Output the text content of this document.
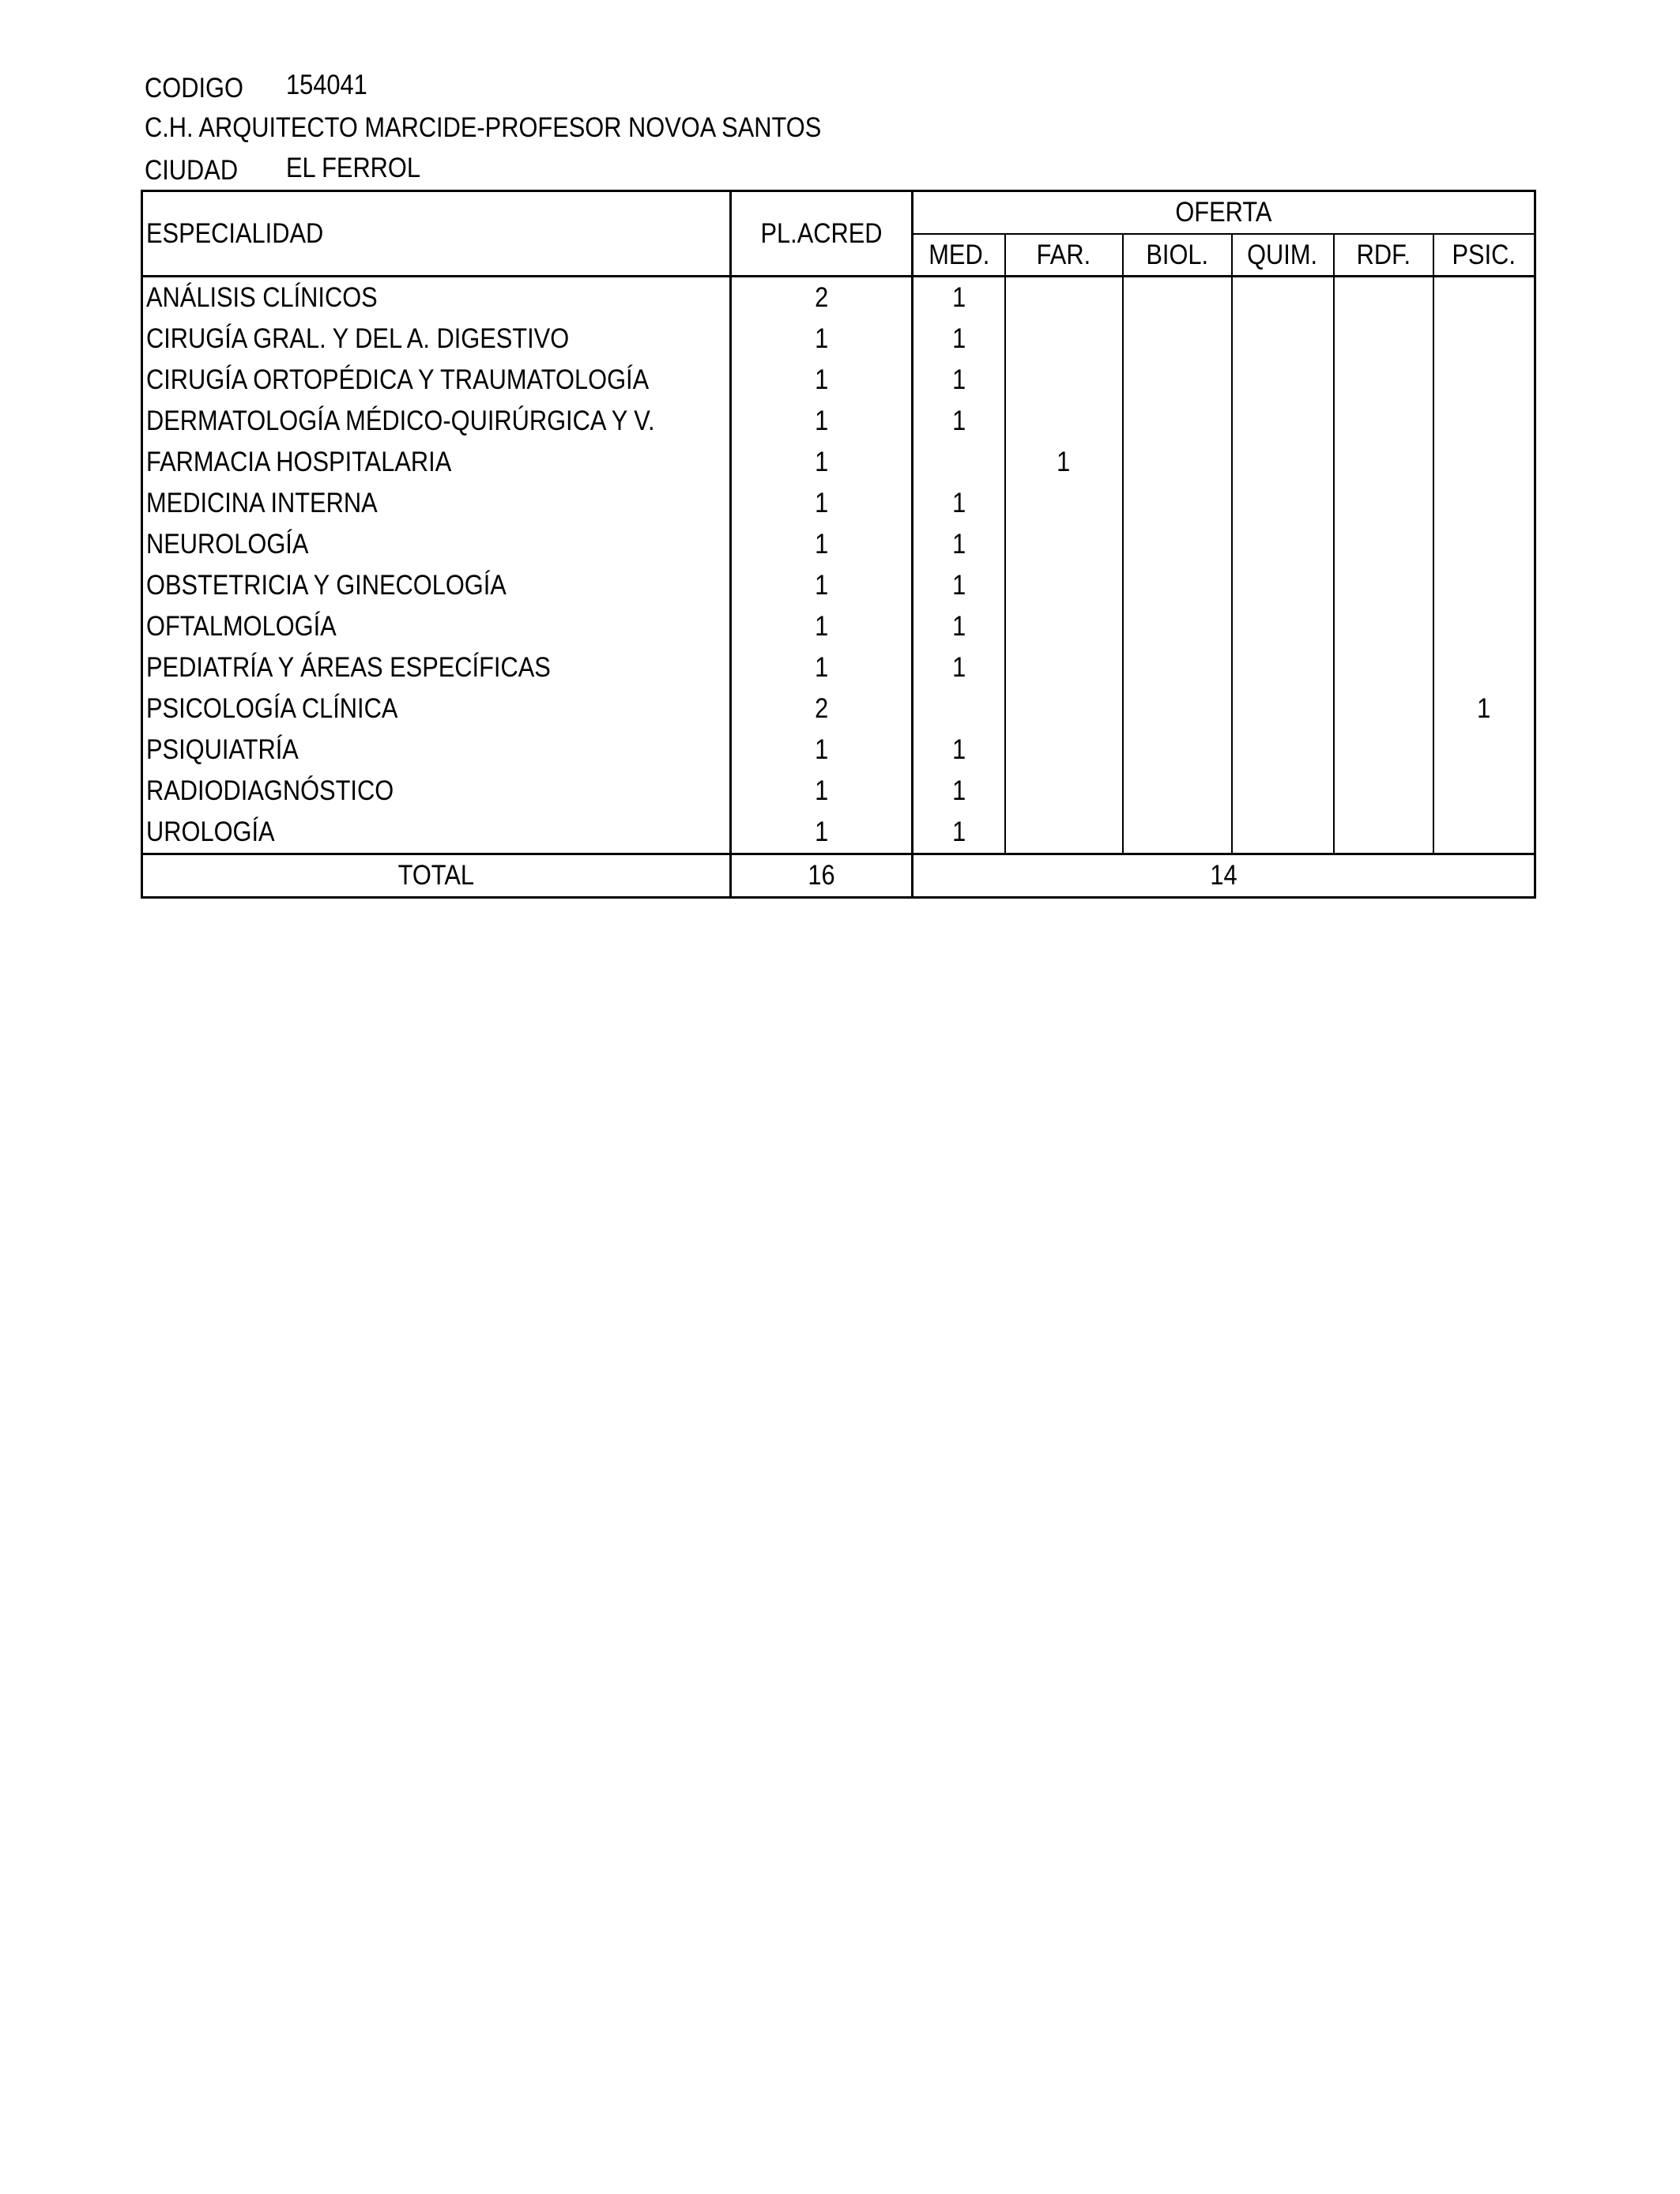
CODIGO 154041
C.H. ARQUITECTO MARCIDE-PROFESOR NOVOA SANTOS
CIUDAD EL FERROL
ESPECIALIDAD	PL.ACRED	OFERTA					
		MED.	FAR.	BIOL.	QUIM.	RDF.	PSIC.
ANÁLISIS CLÍNICOS	2	1					
CIRUGÍA GRAL. Y DEL A. DIGESTIVO	1	1					
CIRUGÍA ORTOPÉDICA Y TRAUMATOLOGÍA	1	1					
DERMATOLOGÍA MÉDICO-QUIRÚRGICA Y V.	1	1					
FARMACIA HOSPITALARIA	1		1				
MEDICINA INTERNA	1	1					
NEUROLOGÍA	1	1					
OBSTETRICIA Y GINECOLOGÍA	1	1					
OFTALMOLOGÍA	1	1					
PEDIATRÍA Y ÁREAS ESPECÍFICAS	1	1					
PSICOLOGÍA CLÍNICA	2						1
PSIQUIATRÍA	1	1					
RADIODIAGNÓSTICO	1	1					
UROLOGÍA	1	1					
TOTAL	16	14					
